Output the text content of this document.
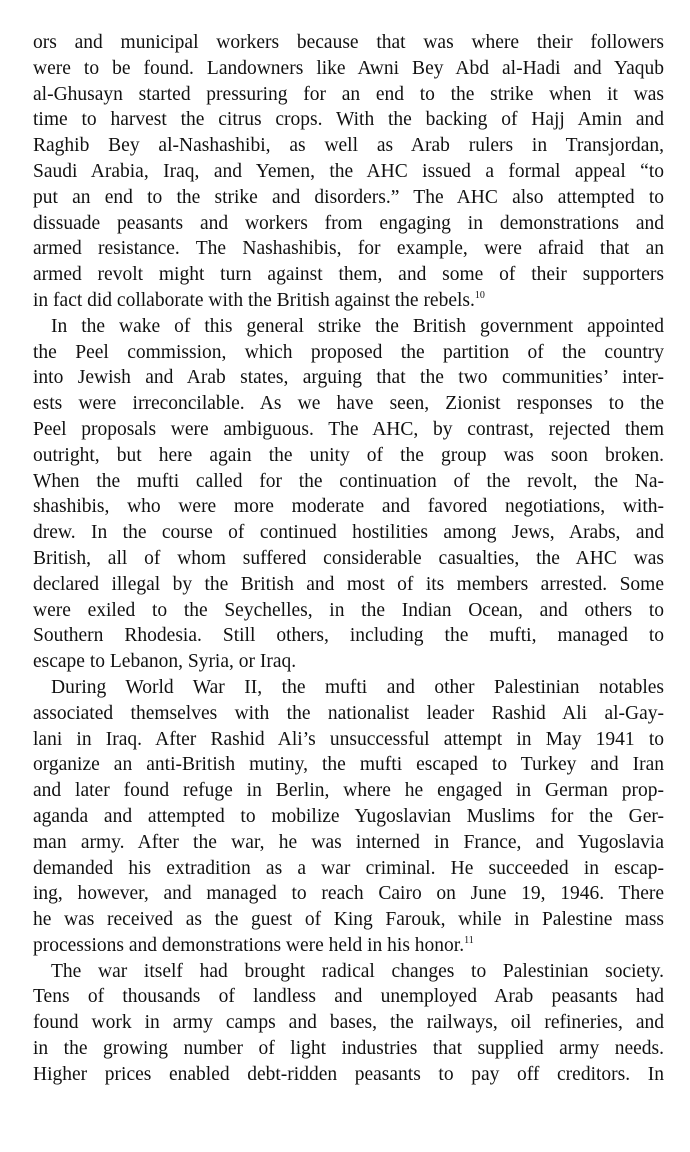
ors and municipal workers because that was where their followers
were to be found. Landowners like Awni Bey Abd al-Hadi and Yaqub
al-Ghusayn started pressuring for an end to the strike when it was
time to harvest the citrus crops. With the backing of Hajj Amin and
Raghib Bey al-Nashashibi, as well as Arab rulers in Transjordan,
Saudi Arabia, Iraq, and Yemen, the AHC issued a formal appeal “to
put an end to the strike and disorders.” The AHC also attempted to
dissuade peasants and workers from engaging in demonstrations and
armed resistance. The Nashashibis, for example, were afraid that an
armed revolt might turn against them, and some of their supporters
in fact did collaborate with the British against the rebels.$^{10}$
In the wake of this general strike the British government appointed
the Peel commission, which proposed the partition of the country
into Jewish and Arab states, arguing that the two communities’ inter-
ests were irreconcilable. As we have seen, Zionist responses to the
Peel proposals were ambiguous. The AHC, by contrast, rejected them
outright, but here again the unity of the group was soon broken.
When the mufti called for the continuation of the revolt, the Na-
shashibis, who were more moderate and favored negotiations, with-
drew. In the course of continued hostilities among Jews, Arabs, and
British, all of whom suffered considerable casualties, the AHC was
declared illegal by the British and most of its members arrested. Some
were exiled to the Seychelles, in the Indian Ocean, and others to
Southern Rhodesia. Still others, including the mufti, managed to
escape to Lebanon, Syria, or Iraq.
During World War II, the mufti and other Palestinian notables
associated themselves with the nationalist leader Rashid Ali al-Gay-
lani in Iraq. After Rashid Ali’s unsuccessful attempt in May 1941 to
organize an anti-British mutiny, the mufti escaped to Turkey and Iran
and later found refuge in Berlin, where he engaged in German prop-
aganda and attempted to mobilize Yugoslavian Muslims for the Ger-
man army. After the war, he was interned in France, and Yugoslavia
demanded his extradition as a war criminal. He succeeded in escap-
ing, however, and managed to reach Cairo on June 19, 1946. There
he was received as the guest of King Farouk, while in Palestine mass
processions and demonstrations were held in his honor.$^{11}$
The war itself had brought radical changes to Palestinian society.
Tens of thousands of landless and unemployed Arab peasants had
found work in army camps and bases, the railways, oil refineries, and
in the growing number of light industries that supplied army needs.
Higher prices enabled debt-ridden peasants to pay off creditors. In
